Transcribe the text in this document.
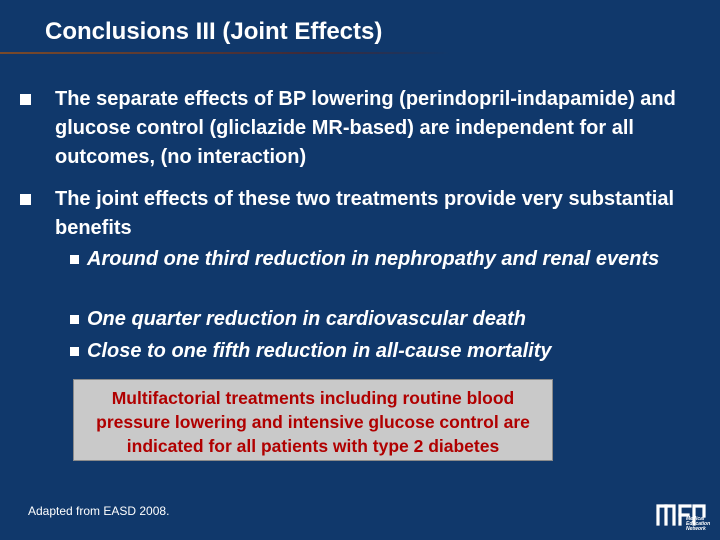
Conclusions III (Joint Effects)
The separate effects of BP lowering (perindopril-indapamide) and glucose control (gliclazide MR-based) are independent for all outcomes, (no interaction)
The joint effects of these two treatments provide very substantial benefits
Around one third reduction in nephropathy and renal events
One quarter reduction in cardiovascular death
Close to one fifth reduction in all-cause mortality
Multifactorial treatments including routine blood pressure lowering and intensive glucose control are indicated for all patients with type 2 diabetes
Adapted from EASD 2008.
Medical
Education
Network
